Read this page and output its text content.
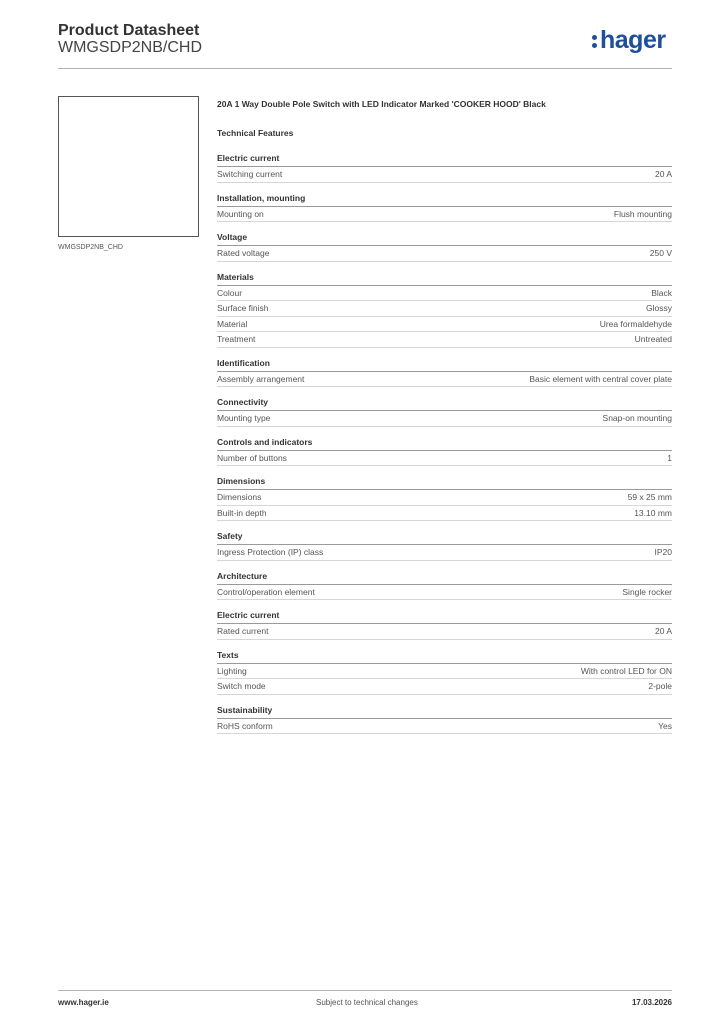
Product Datasheet
WMGSDP2NB/CHD	hager
WMGSDP2NB_CHD
20A 1 Way Double Pole Switch with LED Indicator Marked 'COOKER HOOD' Black
Technical Features
Electric current
Switching current	20 A
Installation, mounting
Mounting on	Flush mounting
Voltage
Rated voltage	250 V
Materials
Colour	Black
Surface finish	Glossy
Material	Urea formaldehyde
Treatment	Untreated
Identification
Assembly arrangement	Basic element with central cover plate
Connectivity
Mounting type	Snap-on mounting
Controls and indicators
Number of buttons	1
Dimensions
Dimensions	59 x 25 mm
Built-in depth	13.10 mm
Safety
Ingress Protection (IP) class	IP20
Architecture
Control/operation element	Single rocker
Electric current
Rated current	20 A
Texts
Lighting	With control LED for ON
Switch mode	2-pole
Sustainability
RoHS conform	Yes
www.hager.ie	Subject to technical changes	17.03.2026
